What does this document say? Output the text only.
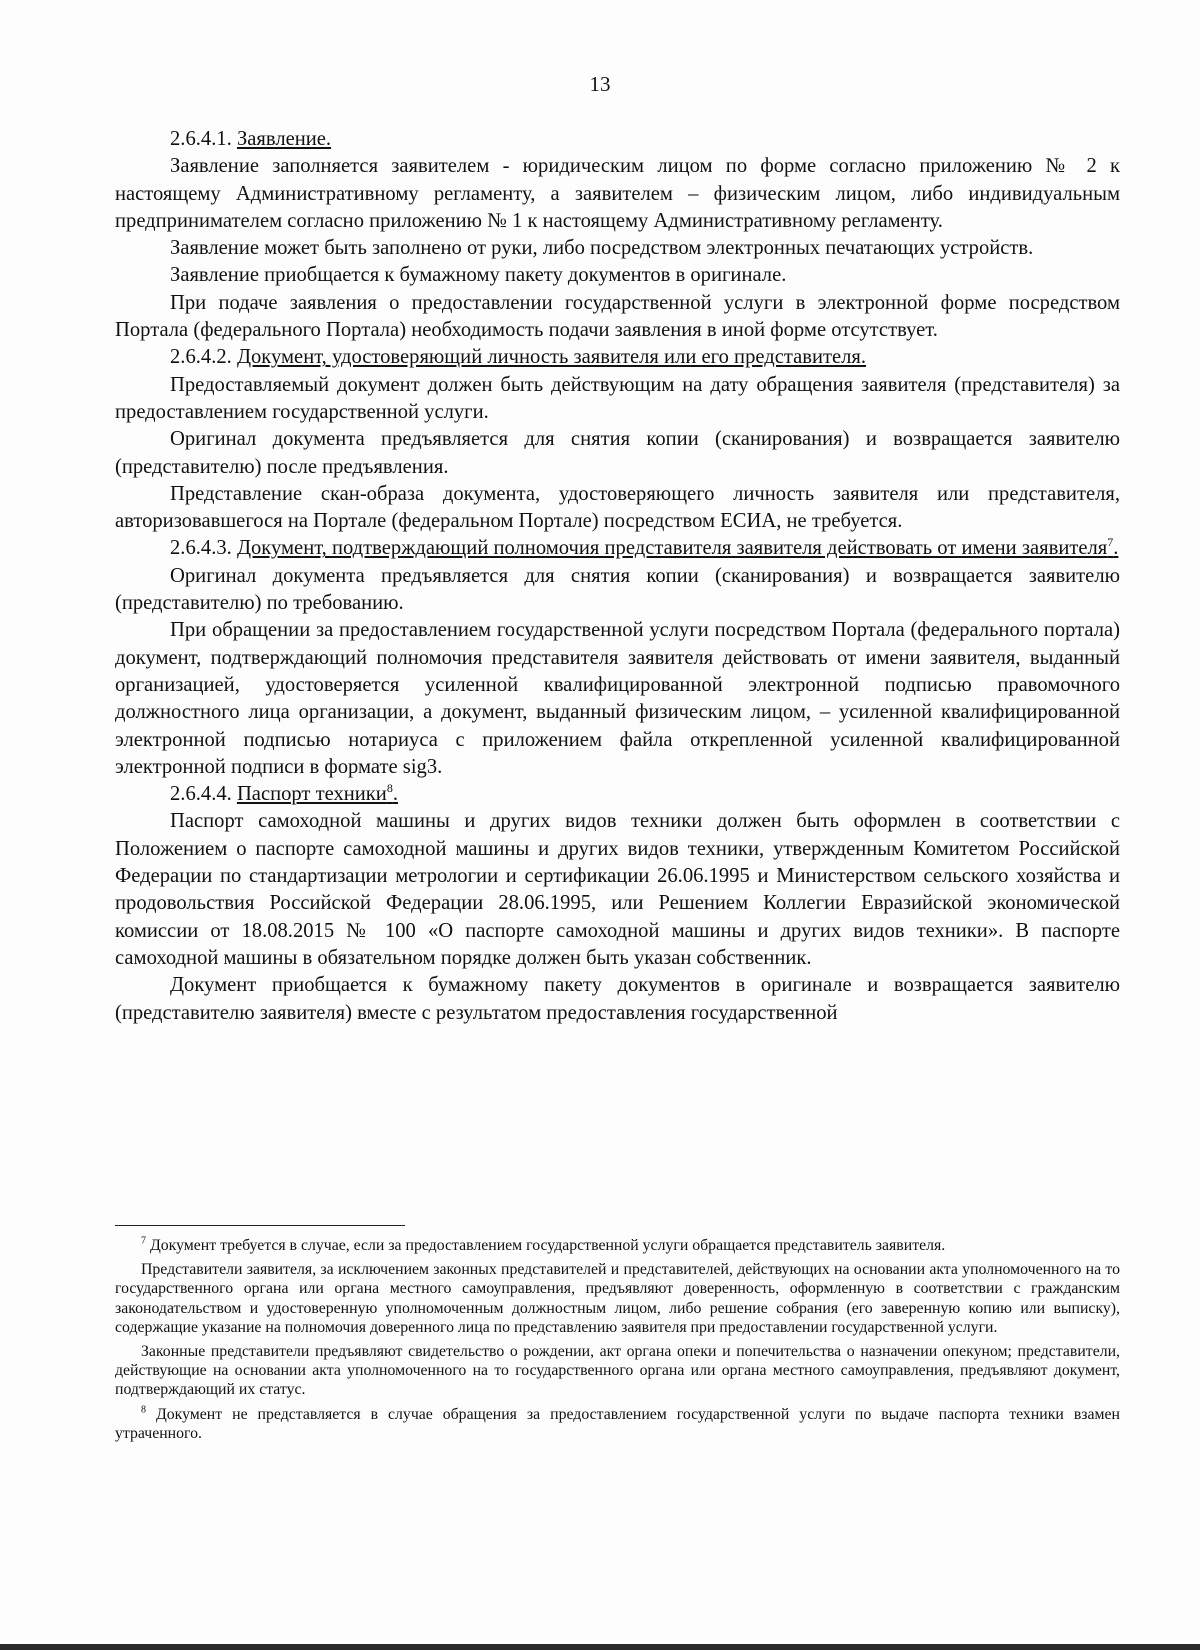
13

2.6.4.1. Заявление.

Заявление заполняется заявителем - юридическим лицом по форме согласно приложению № 2 к настоящему Административному регламенту, а заявителем – физическим лицом, либо индивидуальным предпринимателем согласно приложению № 1 к настоящему Административному регламенту.

Заявление может быть заполнено от руки, либо посредством электронных печатающих устройств.

Заявление приобщается к бумажному пакету документов в оригинале.

При подаче заявления о предоставлении государственной услуги в электронной форме посредством Портала (федерального Портала) необходимость подачи заявления в иной форме отсутствует.

2.6.4.2. Документ, удостоверяющий личность заявителя или его представителя.

Предоставляемый документ должен быть действующим на дату обращения заявителя (представителя) за предоставлением государственной услуги.

Оригинал документа предъявляется для снятия копии (сканирования) и возвращается заявителю (представителю) после предъявления.

Представление скан-образа документа, удостоверяющего личность заявителя или представителя, авторизовавшегося на Портале (федеральном Портале) посредством ЕСИА, не требуется.

2.6.4.3. Документ, подтверждающий полномочия представителя заявителя действовать от имени заявителя$^7$.

Оригинал документа предъявляется для снятия копии (сканирования) и возвращается заявителю (представителю) по требованию.

При обращении за предоставлением государственной услуги посредством Портала (федерального портала) документ, подтверждающий полномочия представителя заявителя действовать от имени заявителя, выданный организацией, удостоверяется усиленной квалифицированной электронной подписью правомочного должностного лица организации, а документ, выданный физическим лицом, – усиленной квалифицированной электронной подписью нотариуса с приложением файла открепленной усиленной квалифицированной электронной подписи в формате sig3.

2.6.4.4. Паспорт техники$^8$.

Паспорт самоходной машины и других видов техники должен быть оформлен в соответствии с Положением о паспорте самоходной машины и других видов техники, утвержденным Комитетом Российской Федерации по стандартизации метрологии и сертификации 26.06.1995 и Министерством сельского хозяйства и продовольствия Российской Федерации 28.06.1995, или Решением Коллегии Евразийской экономической комиссии от 18.08.2015 № 100 «О паспорте самоходной машины и других видов техники». В паспорте самоходной машины в обязательном порядке должен быть указан собственник.

Документ приобщается к бумажному пакету документов в оригинале и возвращается заявителю (представителю заявителя) вместе с результатом предоставления государственной

$^7$ Документ требуется в случае, если за предоставлением государственной услуги обращается представитель заявителя.

Представители заявителя, за исключением законных представителей и представителей, действующих на основании акта уполномоченного на то государственного органа или органа местного самоуправления, предъявляют доверенность, оформленную в соответствии с гражданским законодательством и удостоверенную уполномоченным должностным лицом, либо решение собрания (его заверенную копию или выписку), содержащие указание на полномочия доверенного лица по представлению заявителя при предоставлении государственной услуги.

Законные представители предъявляют свидетельство о рождении, акт органа опеки и попечительства о назначении опекуном; представители, действующие на основании акта уполномоченного на то государственного органа или органа местного самоуправления, предъявляют документ, подтверждающий их статус.

$^8$ Документ не представляется в случае обращения за предоставлением государственной услуги по выдаче паспорта техники взамен утраченного.
